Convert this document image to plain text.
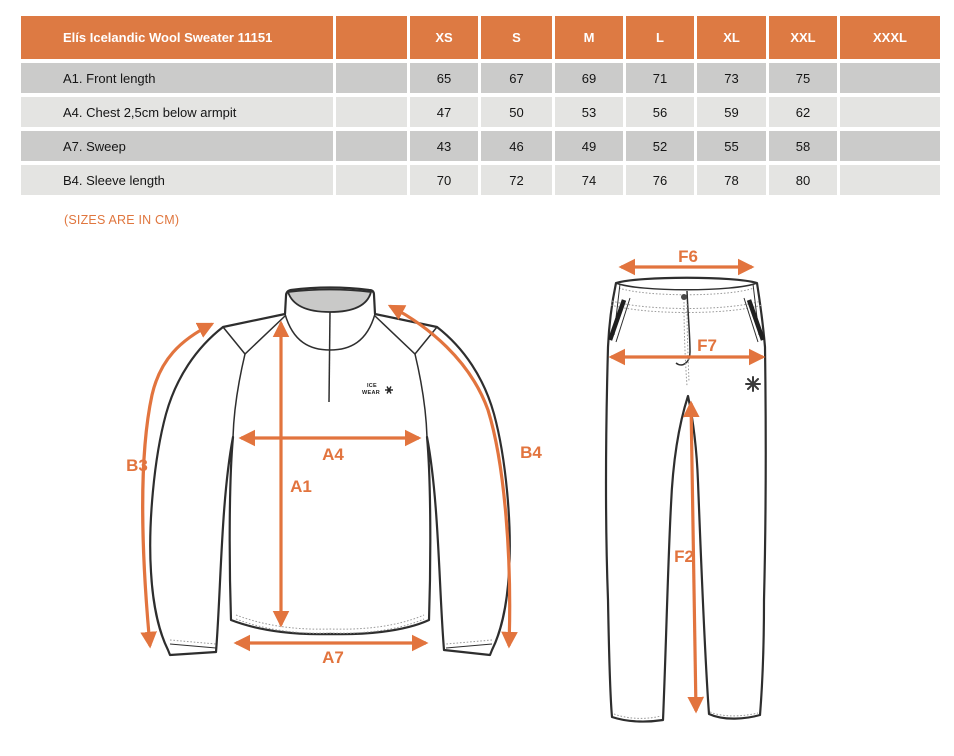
Elís Icelandic Wool Sweater 11151		XS	S	M	L	XL	XXL	XXXL
A1. Front length		65	67	69	71	73	75	
A4. Chest 2,5cm below armpit		47	50	53	56	59	62	
A7. Sweep		43	46	49	52	55	58	
B4. Sleeve length		70	72	74	76	78	80	
(SIZES ARE IN CM)
ICE
WEAR
B3
B4
A4
A1
A7
F6
F7
F2
